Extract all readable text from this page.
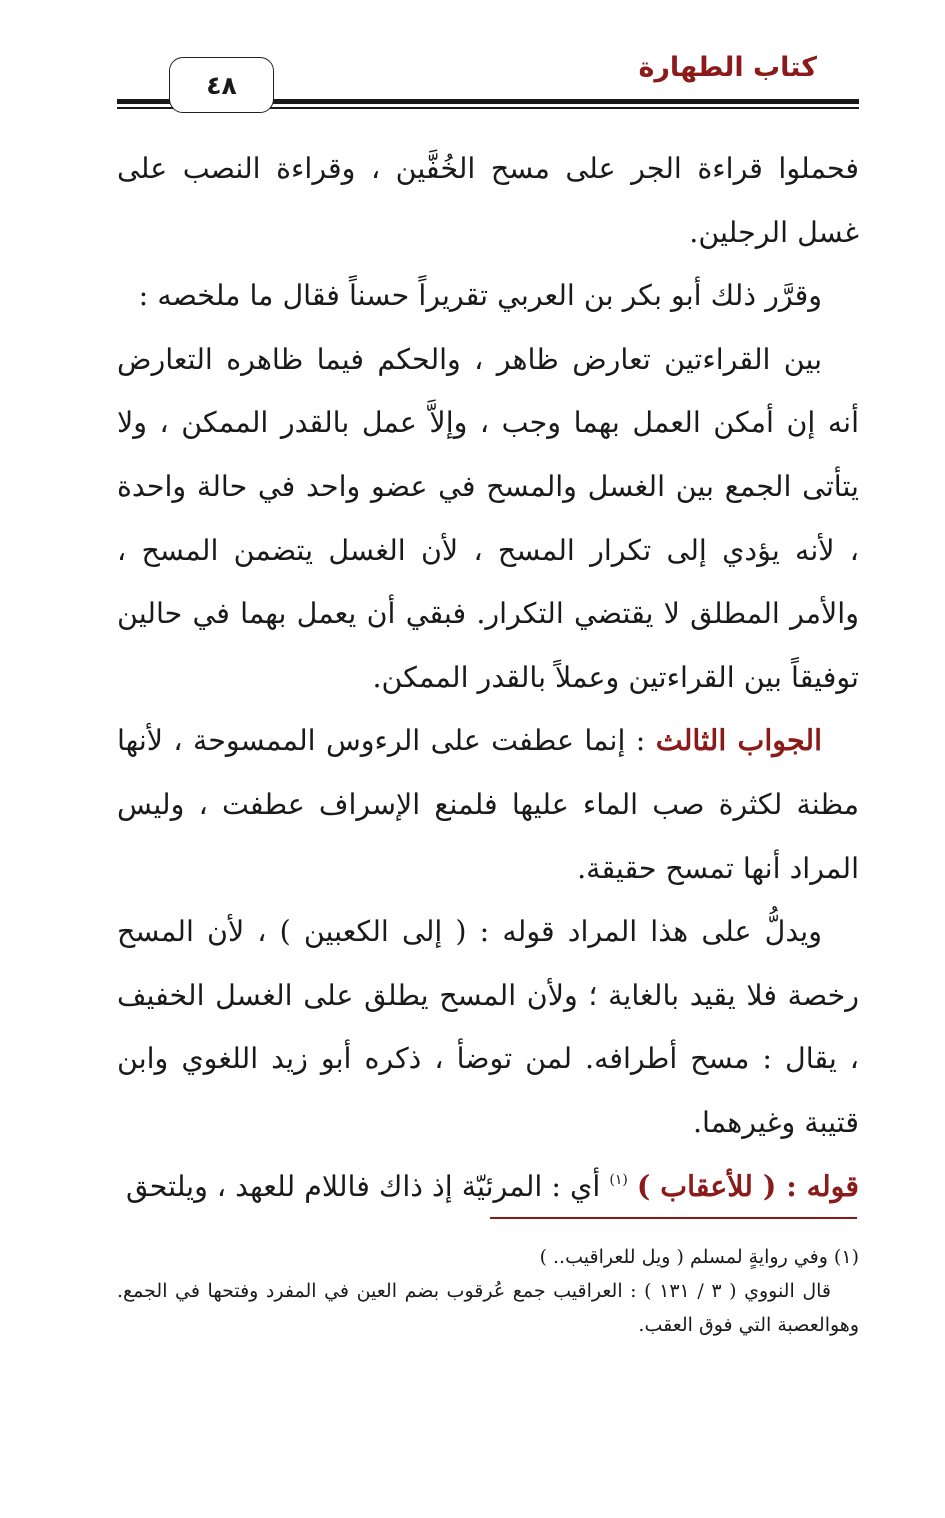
كتاب الطهارة
٤٨

فحملوا قراءة الجر على مسح الخُفَّين ، وقراءة النصب على غسل الرجلين.

وقرَّر ذلك أبو بكر بن العربي تقريراً حسناً فقال ما ملخصه :

بين القراءتين تعارض ظاهر ، والحكم فيما ظاهره التعارض أنه إن أمكن العمل بهما وجب ، وإلاَّ عمل بالقدر الممكن ، ولا يتأتى الجمع بين الغسل والمسح في عضو واحد في حالة واحدة ، لأنه يؤدي إلى تكرار المسح ، لأن الغسل يتضمن المسح ، والأمر المطلق لا يقتضي التكرار. فبقي أن يعمل بهما في حالين توفيقاً بين القراءتين وعملاً بالقدر الممكن.

الجواب الثالث : إنما عطفت على الرءوس الممسوحة ، لأنها مظنة لكثرة صب الماء عليها فلمنع الإسراف عطفت ، وليس المراد أنها تمسح حقيقة.

ويدلُّ على هذا المراد قوله : ( إلى الكعبين ) ، لأن المسح رخصة فلا يقيد بالغاية ؛ ولأن المسح يطلق على الغسل الخفيف ، يقال : مسح أطرافه. لمن توضأ ، ذكره أبو زيد اللغوي وابن قتيبة وغيرهما.

قوله : ( للأعقاب ) $^{(١)}$ أي : المرئيّة إذ ذاك فاللام للعهد ، ويلتحق

(١) وفي روايةٍ لمسلم ( ويل للعراقيب.. )

قال النووي ( ٣ / ١٣١ ) : العراقيب جمع عُرقوب بضم العين في المفرد وفتحها في الجمع. وهوالعصبة التي فوق العقب.
